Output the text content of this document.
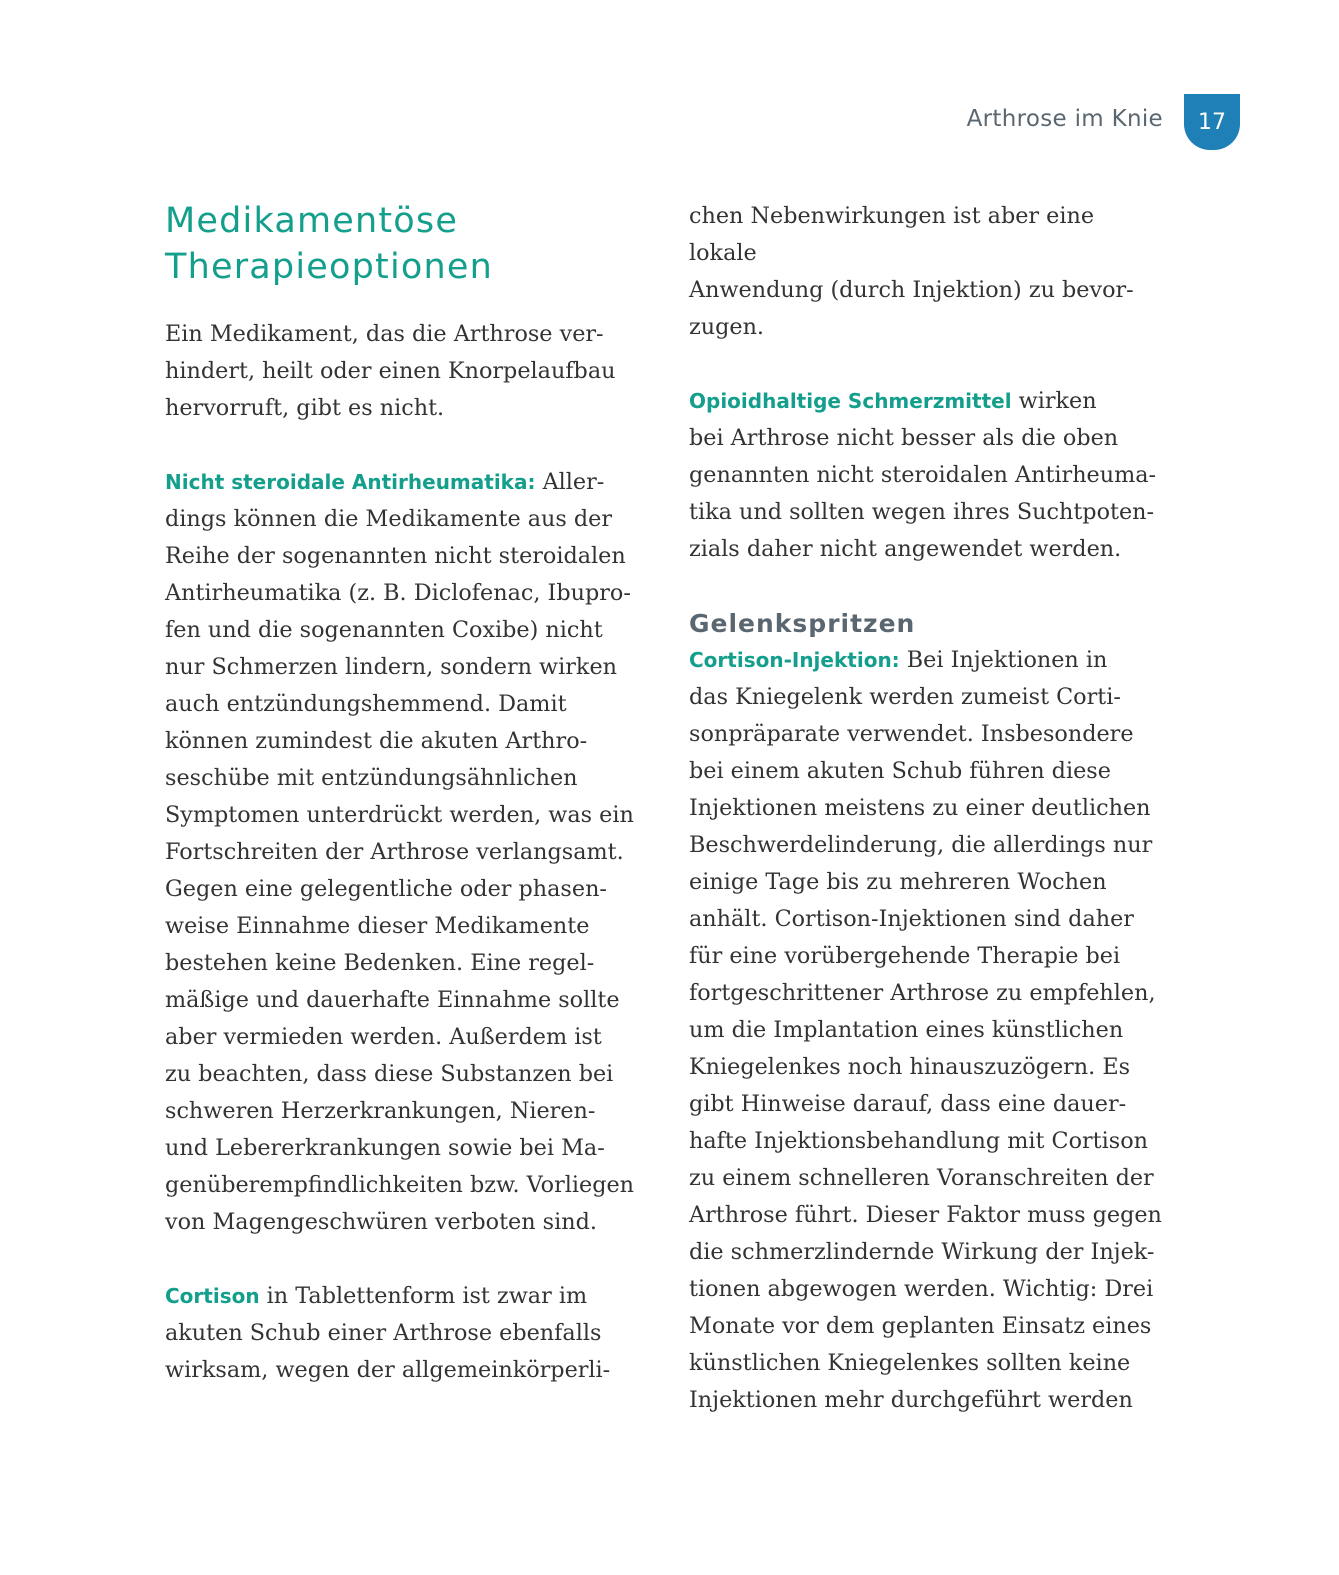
Arthrose im Knie 17
Medikamentöse
Therapieoptionen

Ein Medikament, das die Arthrose ver-
hindert, heilt oder einen Knorpelaufbau
hervorruft, gibt es nicht.

Nicht steroidale Antirheumatika: Aller-
dings können die Medikamente aus der
Reihe der sogenannten nicht steroidalen
Antirheumatika (z. B. Diclofenac, Ibupro-
fen und die sogenannten Coxibe) nicht
nur Schmerzen lindern, sondern wirken
auch entzündungshemmend. Damit
können zumindest die akuten Arthro-
seschübe mit entzündungsähnlichen
Symptomen unterdrückt werden, was ein
Fortschreiten der Arthrose verlangsamt.
Gegen eine gelegentliche oder phasen-
weise Einnahme dieser Medikamente
bestehen keine Bedenken. Eine regel-
mäßige und dauerhafte Einnahme sollte
aber vermieden werden. Außerdem ist
zu beachten, dass diese Substanzen bei
schweren Herzerkrankungen, Nieren-
und Lebererkrankungen sowie bei Ma-
genüberempfindlichkeiten bzw. Vorliegen
von Magengeschwüren verboten sind.

Cortison in Tablettenform ist zwar im
akuten Schub einer Arthrose ebenfalls
wirksam, wegen der allgemeinkörperli-

chen Nebenwirkungen ist aber eine lokale
Anwendung (durch Injektion) zu bevor-
zugen.

Opioidhaltige Schmerzmittel wirken
bei Arthrose nicht besser als die oben
genannten nicht steroidalen Antirheuma-
tika und sollten wegen ihres Suchtpoten-
zials daher nicht angewendet werden.

Gelenkspritzen

Cortison-Injektion: Bei Injektionen in
das Kniegelenk werden zumeist Corti-
sonpräparate verwendet. Insbesondere
bei einem akuten Schub führen diese
Injektionen meistens zu einer deutlichen
Beschwerdelinderung, die allerdings nur
einige Tage bis zu mehreren Wochen
anhält. Cortison-Injektionen sind daher
für eine vorübergehende Therapie bei
fortgeschrittener Arthrose zu empfehlen,
um die Implantation eines künstlichen
Kniegelenkes noch hinauszuzögern. Es
gibt Hinweise darauf, dass eine dauer-
hafte Injektionsbehandlung mit Cortison
zu einem schnelleren Voranschreiten der
Arthrose führt. Dieser Faktor muss gegen
die schmerzlindernde Wirkung der Injek-
tionen abgewogen werden. Wichtig: Drei
Monate vor dem geplanten Einsatz eines
künstlichen Kniegelenkes sollten keine
Injektionen mehr durchgeführt werden
